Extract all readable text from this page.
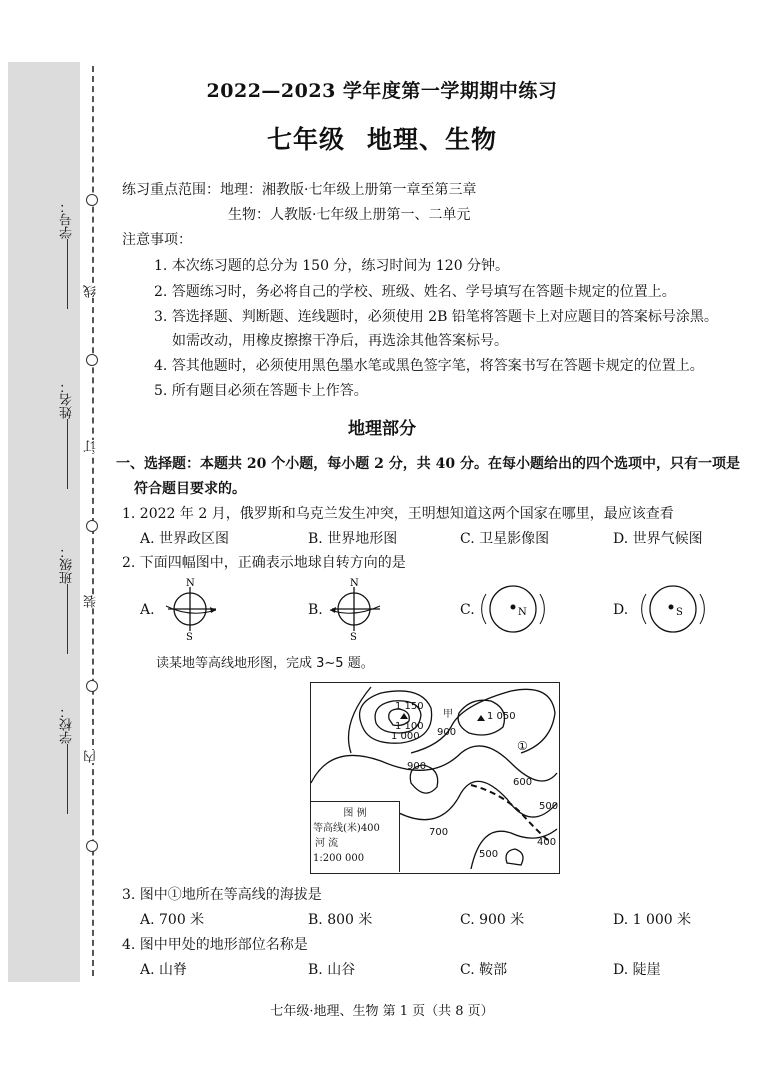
线
订
装
内
学号：
姓名：
班级：
学校：
2022—2023 学年度第一学期期中练习
七年级 地理、生物
练习重点范围：地理：湘教版·七年级上册第一章至第三章
生物：人教版·七年级上册第一、二单元
注意事项：
1. 本次练习题的总分为 150 分，练习时间为 120 分钟。
2. 答题练习时，务必将自己的学校、班级、姓名、学号填写在答题卡规定的位置上。
3. 答选择题、判断题、连线题时，必须使用 2B 铅笔将答题卡上对应题目的答案标号涂黑。
如需改动，用橡皮擦擦干净后，再选涂其他答案标号。
4. 答其他题时，必须使用黑色墨水笔或黑色签字笔，将答案书写在答题卡规定的位置上。
5. 所有题目必须在答题卡上作答。
地理部分
一、选择题：本题共 20 个小题，每小题 2 分，共 40 分。在每小题给出的四个选项中，只有一项是
符合题目要求的。
1. 2022 年 2 月，俄罗斯和乌克兰发生冲突，王明想知道这两个国家在哪里，最应该查看
A. 世界政区图	B. 世界地形图	C. 卫星影像图	D. 世界气候图
2. 下面四幅图中，正确表示地球自转方向的是
A.
N
S
B.
N
S
C.	N	D.	S
读某地等高线地形图，完成 3~5 题。
1 150
1 100
1 000
甲	1 050
900
①
900
600
500
700
500
400
图 例
等高线(米)400
河 流
1:200 000
3. 图中①地所在等高线的海拔是
A. 700 米	B. 800 米	C. 900 米	D. 1 000 米
4. 图中甲处的地形部位名称是
A. 山脊	B. 山谷	C. 鞍部	D. 陡崖
七年级·地理、生物 第 1 页（共 8 页）
